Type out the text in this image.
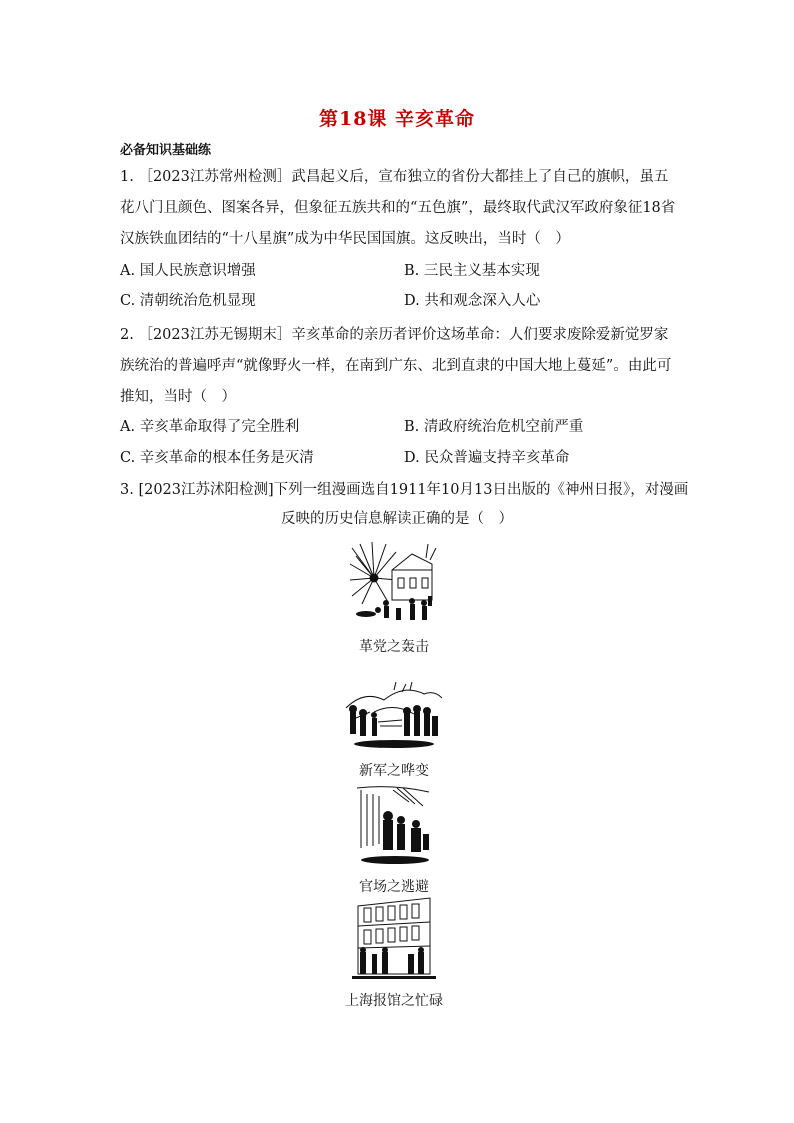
第18课 辛亥革命
必备知识基础练
1. ［2023江苏常州检测］武昌起义后，宣布独立的省份大都挂上了自己的旗帜，虽五花八门且颜色、图案各异，但象征五族共和的“五色旗”，最终取代武汉军政府象征18省汉族铁血团结的“十八星旗”成为中华民国国旗。这反映出，当时（　）
A. 国人民族意识增强	B. 三民主义基本实现
C. 清朝统治危机显现	D. 共和观念深入人心
2. ［2023江苏无锡期末］辛亥革命的亲历者评价这场革命：人们要求废除爱新觉罗家族统治的普遍呼声“就像野火一样，在南到广东、北到直隶的中国大地上蔓延”。由此可推知，当时（　）
A. 辛亥革命取得了完全胜利	B. 清政府统治危机空前严重
C. 辛亥革命的根本任务是灭清	D. 民众普遍支持辛亥革命
3. [2023江苏沭阳检测]下列一组漫画选自1911年10月13日出版的《神州日报》，对漫画
反映的历史信息解读正确的是（　）
革党之轰击
新军之哗变
官场之逃避
上海报馆之忙碌
